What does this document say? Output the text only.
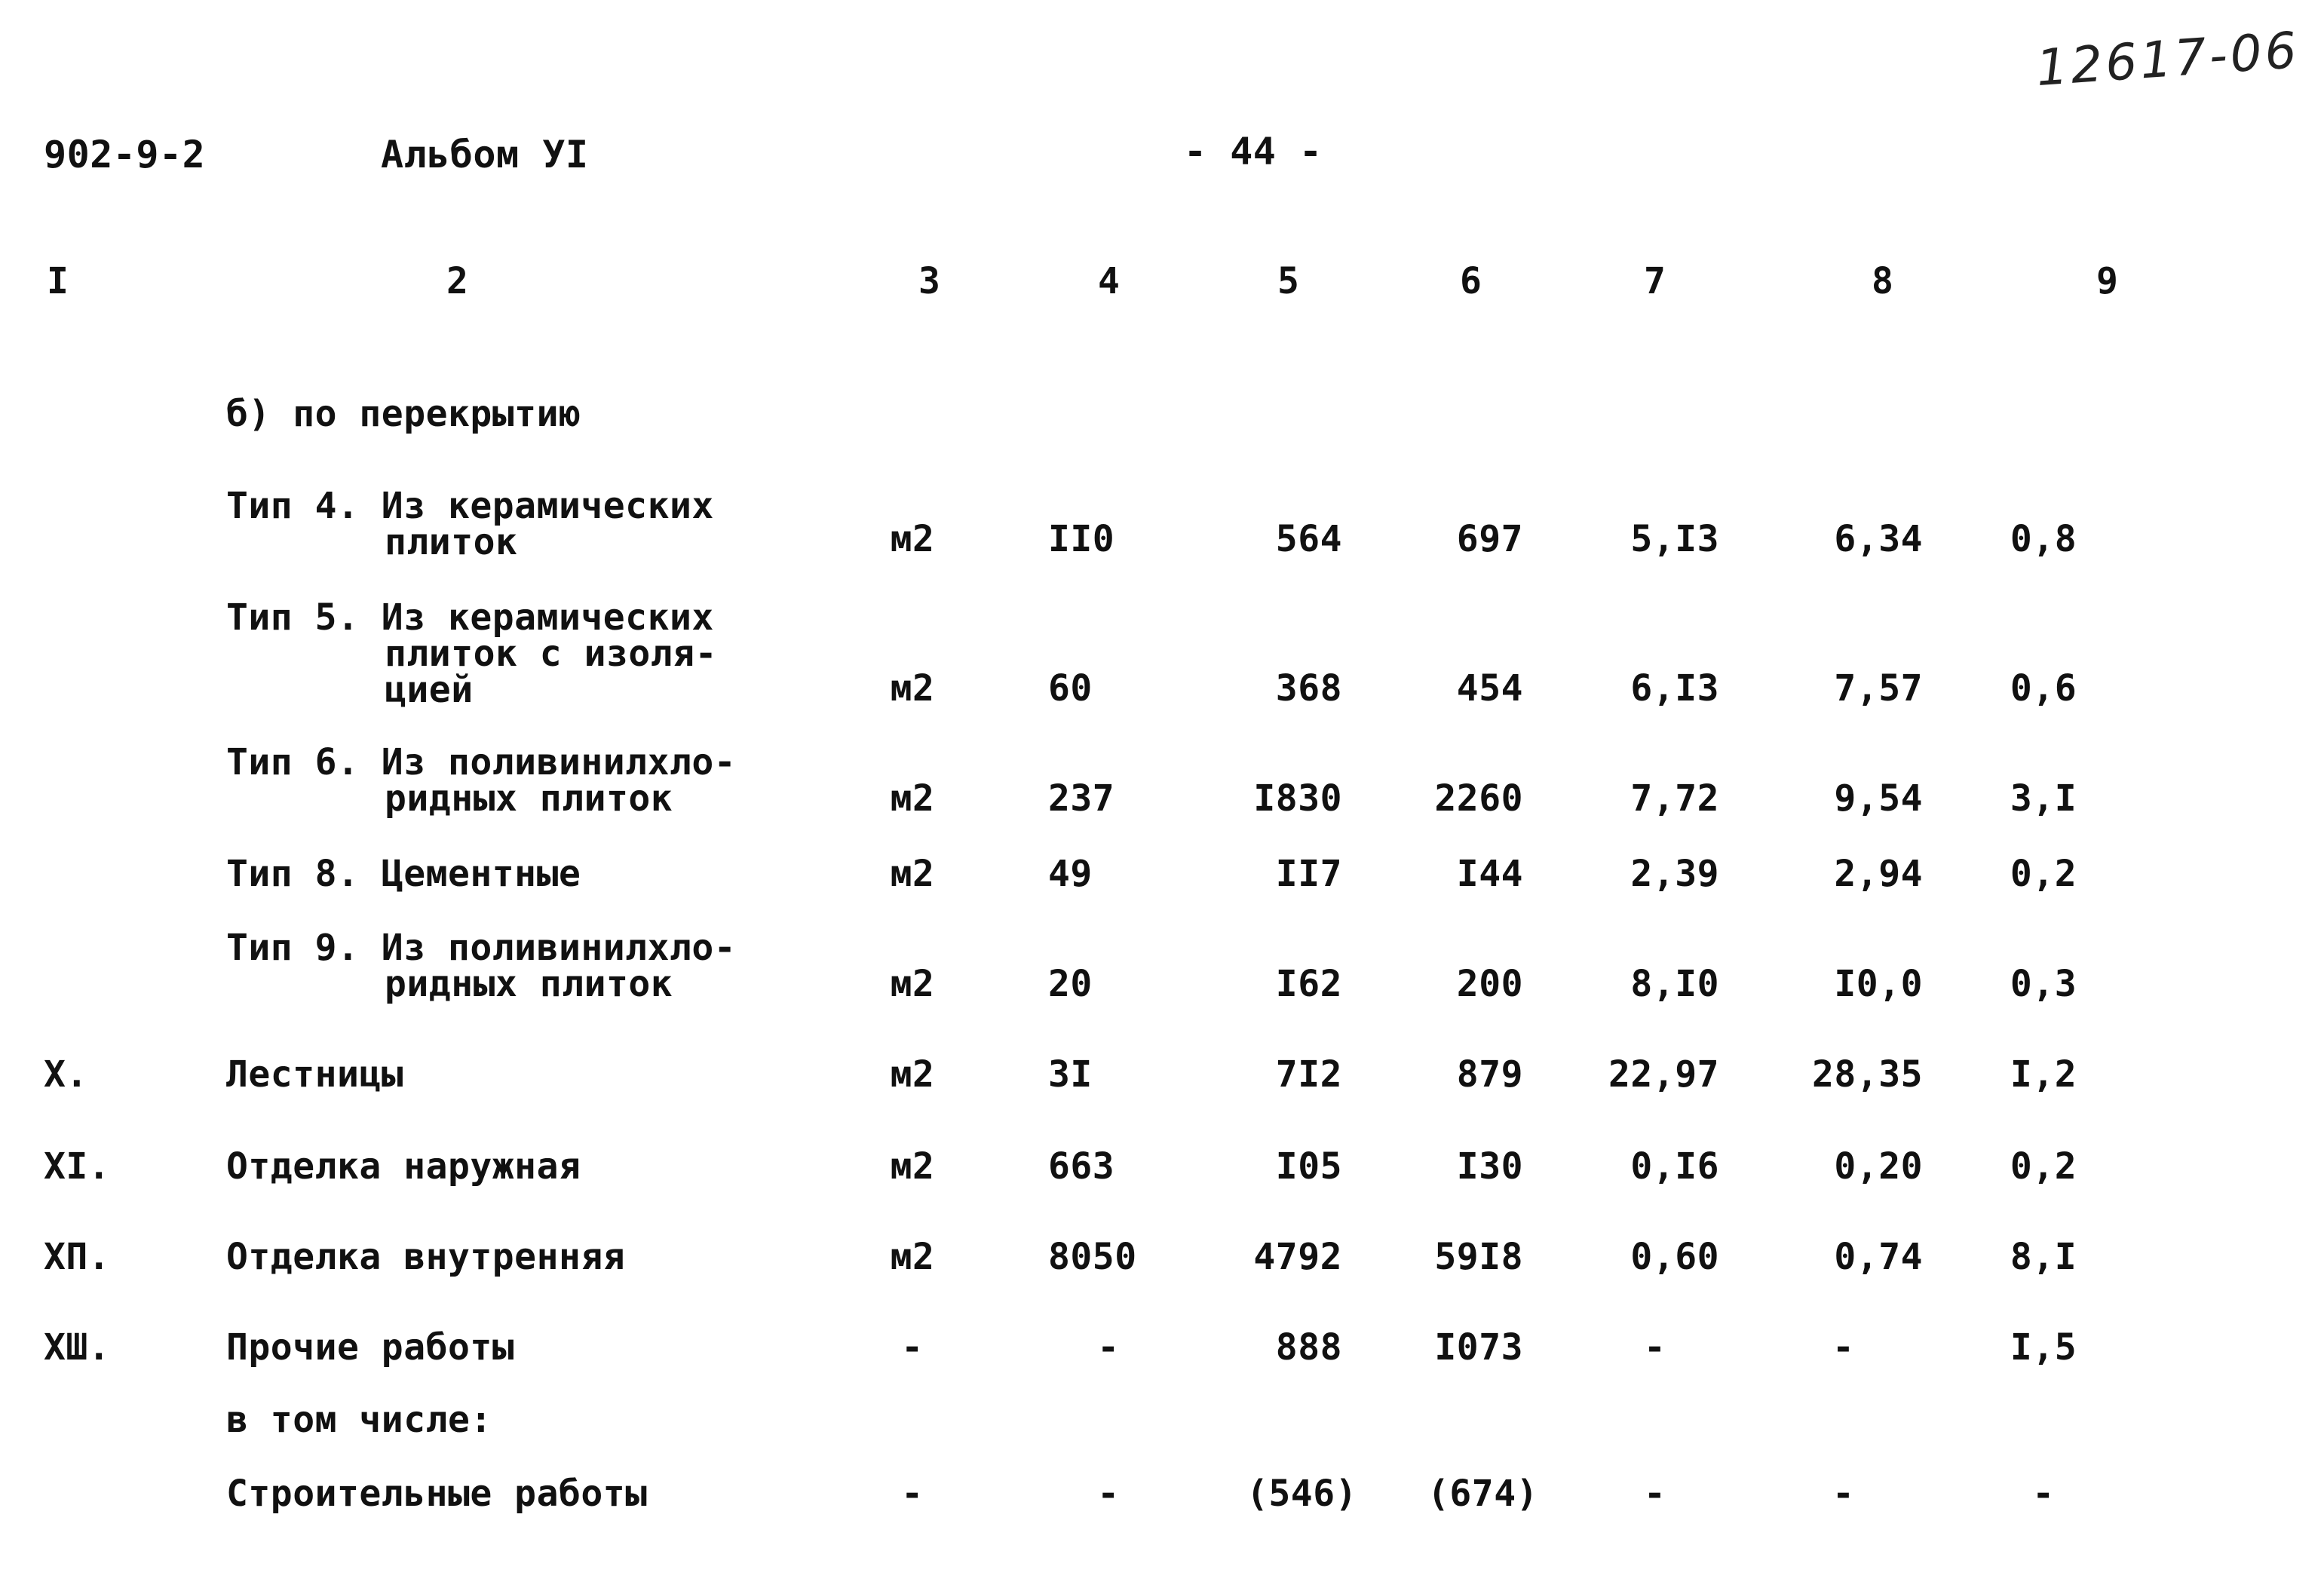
902-9-2	Альбом УI	- 44 -
12617-06
I	2	3	4	5	6	7	8	9
б) по перекрытию
Тип 4. Из керамических
плиток	м2	II0	564	697	5,I3	6,34	0,8
Тип 5. Из керамических
плиток с изоля-
цией	м2	60	368	454	6,I3	7,57	0,6
Тип 6. Из поливинилхло-
ридных плиток	м2	237	I830	2260	7,72	9,54	3,I
Тип 8. Цементные	м2	49	II7	I44	2,39	2,94	0,2
Тип 9. Из поливинилхло-
ридных плиток	м2	20	I62	200	8,I0	I0,0	0,3
X.	Лестницы	м2	3I	7I2	879	22,97	28,35	I,2
XI.	Отделка наружная	м2	663	I05	I30	0,I6	0,20	0,2
XП.	Отделка внутренняя	м2	8050	4792	59I8	0,60	0,74	8,I
XШ.	Прочие работы	-	-	888	I073	-	-	I,5
в том числе:
Строительные работы	-	-	(546)	(674)	-	-	-
